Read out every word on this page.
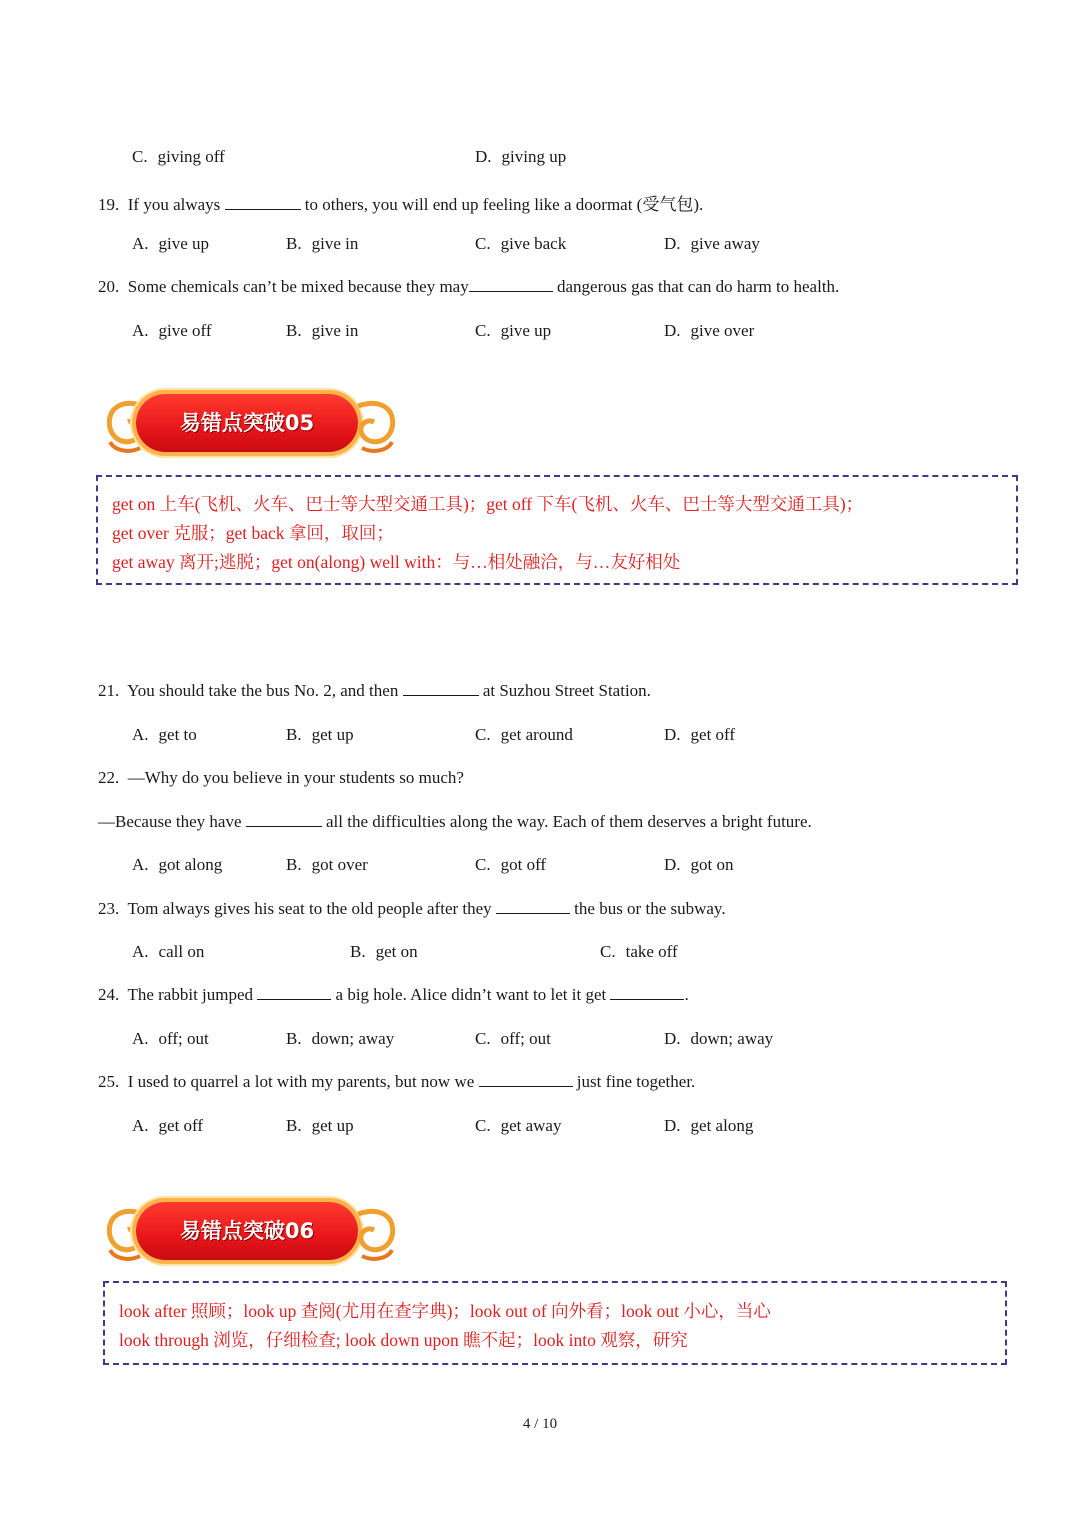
C. giving off	D. giving up
19. If you always	to others, you will end up feeling like a doormat (受气包).
A. give up	B. give in	C. give back	D. give away
20. Some chemicals can’t be mixed because they may	dangerous gas that can do harm to health.
A. give off	B. give in	C. give up	D. give over
易错点突破05
get on 上车(飞机、火车、巴士等大型交通工具)；get off 下车(飞机、火车、巴士等大型交通工具)；
get over 克服；get back 拿回，取回；
get away 离开;逃脱；get on(along) well with：与…相处融洽，与…友好相处
21. You should take the bus No. 2, and then	at Suzhou Street Station.
A. get to	B. get up	C. get around	D. get off
22. —Why do you believe in your students so much?
—Because they have	all the difficulties along the way. Each of them deserves a bright future.
A. got along	B. got over	C. got off	D. got on
23. Tom always gives his seat to the old people after they	the bus or the subway.
A. call on	B. get on	C. take off
24. The rabbit jumped	a big hole. Alice didn’t want to let it get	.
A. off; out	B. down; away	C. off; out	D. down; away
25. I used to quarrel a lot with my parents, but now we	just fine together.
A. get off	B. get up	C. get away	D. get along
易错点突破06
look after 照顾；look up 查阅(尤用在查字典)；look out of 向外看；look out 小心，当心
look through 浏览，仔细检查; look down upon 瞧不起；look into 观察，研究
4 / 10
